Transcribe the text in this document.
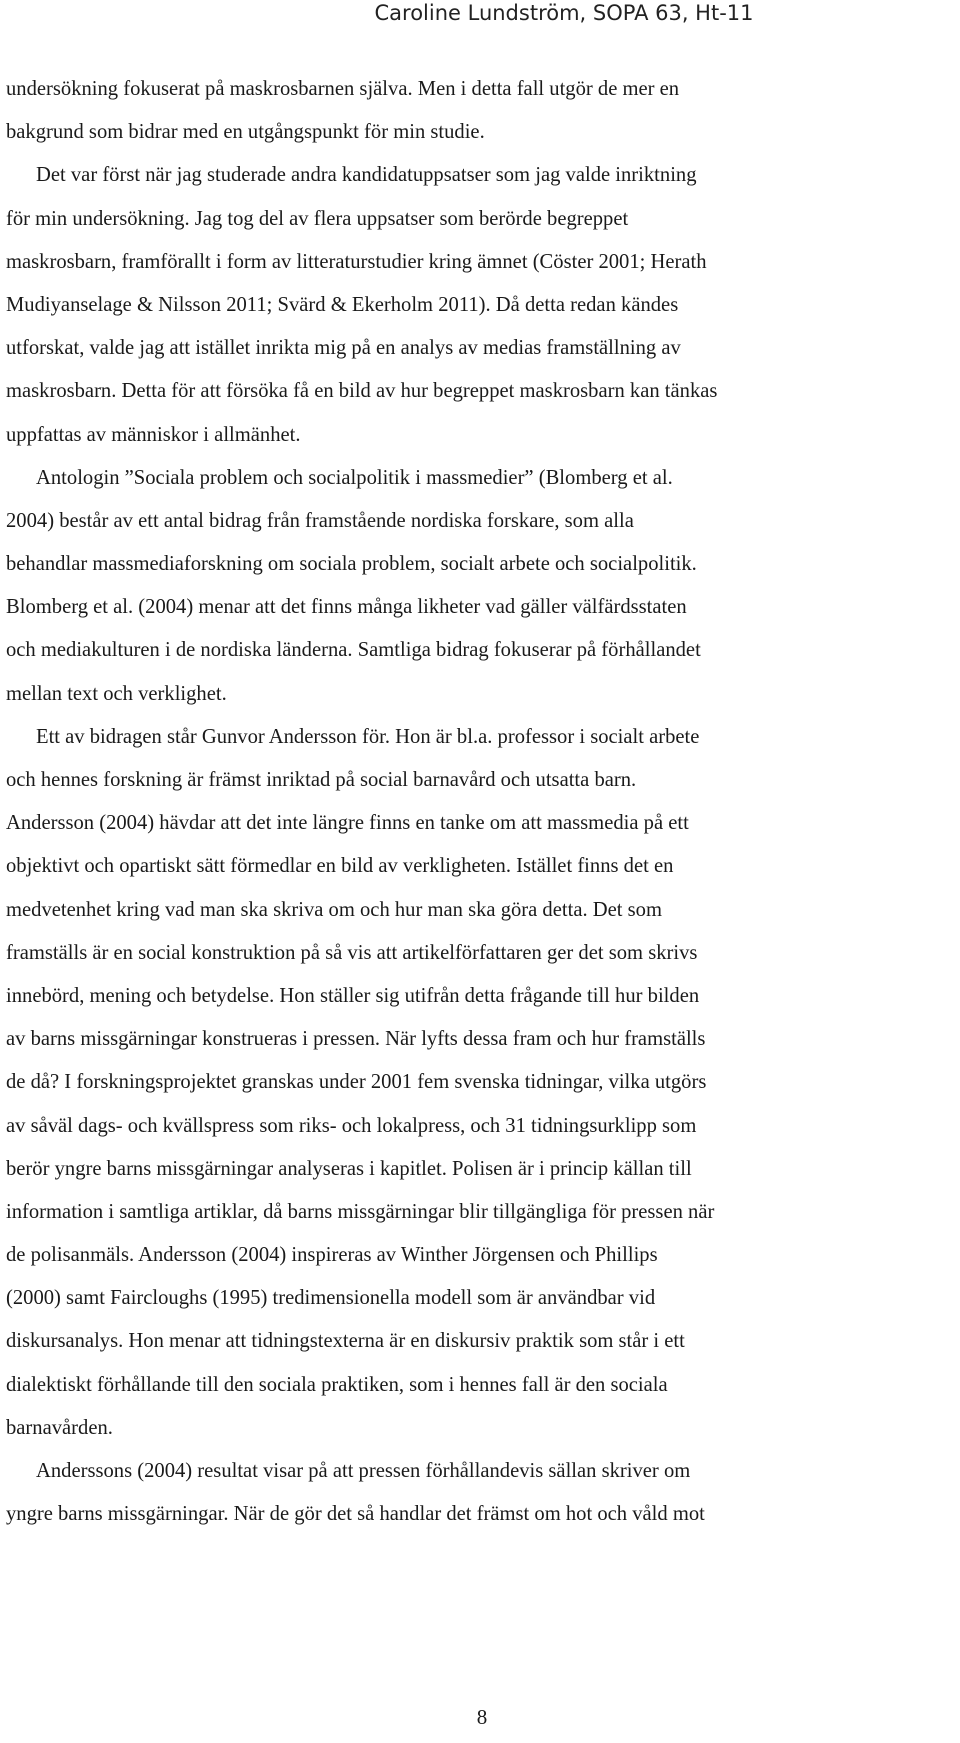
Caroline Lundström, SOPA 63, Ht-11
undersökning fokuserat på maskrosbarnen själva. Men i detta fall utgör de mer en
bakgrund som bidrar med en utgångspunkt för min studie.
Det var först när jag studerade andra kandidatuppsatser som jag valde inriktning
för min undersökning. Jag tog del av flera uppsatser som berörde begreppet
maskrosbarn, framförallt i form av litteraturstudier kring ämnet (Cöster 2001; Herath
Mudiyanselage & Nilsson 2011; Svärd & Ekerholm 2011). Då detta redan kändes
utforskat, valde jag att istället inrikta mig på en analys av medias framställning av
maskrosbarn. Detta för att försöka få en bild av hur begreppet maskrosbarn kan tänkas
uppfattas av människor i allmänhet.
Antologin ”Sociala problem och socialpolitik i massmedier” (Blomberg et al.
2004) består av ett antal bidrag från framstående nordiska forskare, som alla
behandlar massmediaforskning om sociala problem, socialt arbete och socialpolitik.
Blomberg et al. (2004) menar att det finns många likheter vad gäller välfärdsstaten
och mediakulturen i de nordiska länderna. Samtliga bidrag fokuserar på förhållandet
mellan text och verklighet.
Ett av bidragen står Gunvor Andersson för. Hon är bl.a. professor i socialt arbete
och hennes forskning är främst inriktad på social barnavård och utsatta barn.
Andersson (2004) hävdar att det inte längre finns en tanke om att massmedia på ett
objektivt och opartiskt sätt förmedlar en bild av verkligheten. Istället finns det en
medvetenhet kring vad man ska skriva om och hur man ska göra detta. Det som
framställs är en social konstruktion på så vis att artikelförfattaren ger det som skrivs
innebörd, mening och betydelse. Hon ställer sig utifrån detta frågande till hur bilden
av barns missgärningar konstrueras i pressen. När lyfts dessa fram och hur framställs
de då? I forskningsprojektet granskas under 2001 fem svenska tidningar, vilka utgörs
av såväl dags- och kvällspress som riks- och lokalpress, och 31 tidningsurklipp som
berör yngre barns missgärningar analyseras i kapitlet. Polisen är i princip källan till
information i samtliga artiklar, då barns missgärningar blir tillgängliga för pressen när
de polisanmäls. Andersson (2004) inspireras av Winther Jörgensen och Phillips
(2000) samt Faircloughs (1995) tredimensionella modell som är användbar vid
diskursanalys. Hon menar att tidningstexterna är en diskursiv praktik som står i ett
dialektiskt förhållande till den sociala praktiken, som i hennes fall är den sociala
barnavården.
Anderssons (2004) resultat visar på att pressen förhållandevis sällan skriver om
yngre barns missgärningar. När de gör det så handlar det främst om hot och våld mot
8
